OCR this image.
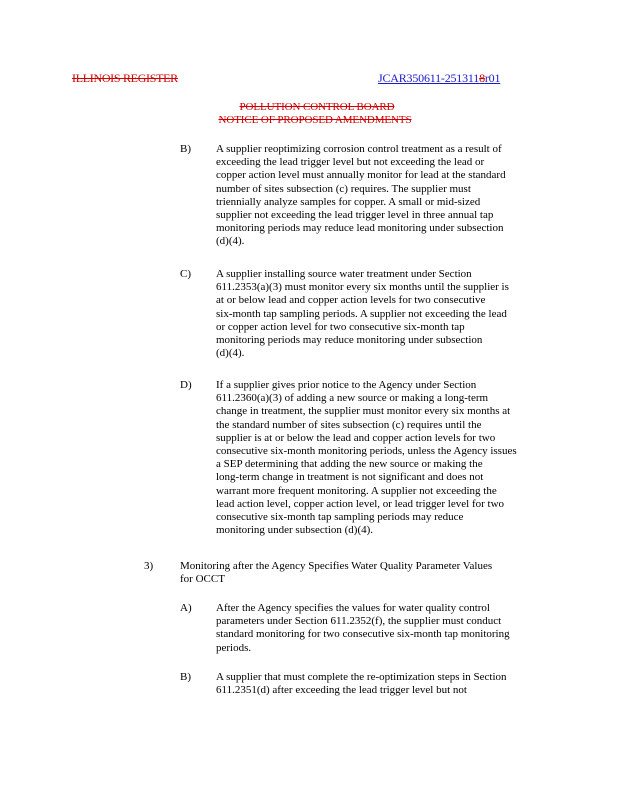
ILLINOIS REGISTER	JCAR350611-2513118r01
POLLUTION CONTROL BOARD
NOTICE OF PROPOSED AMENDMENTS
B) A supplier reoptimizing corrosion control treatment as a result of
exceeding the lead trigger level but not exceeding the lead or
copper action level must annually monitor for lead at the standard
number of sites subsection (c) requires. The supplier must
triennially analyze samples for copper. A small or mid-sized
supplier not exceeding the lead trigger level in three annual tap
monitoring periods may reduce lead monitoring under subsection
(d)(4).
C) A supplier installing source water treatment under Section
611.2353(a)(3) must monitor every six months until the supplier is
at or below lead and copper action levels for two consecutive
six-month tap sampling periods. A supplier not exceeding the lead
or copper action level for two consecutive six-month tap
monitoring periods may reduce monitoring under subsection
(d)(4).
D) If a supplier gives prior notice to the Agency under Section
611.2360(a)(3) of adding a new source or making a long-term
change in treatment, the supplier must monitor every six months at
the standard number of sites subsection (c) requires until the
supplier is at or below the lead and copper action levels for two
consecutive six-month monitoring periods, unless the Agency issues
a SEP determining that adding the new source or making the
long-term change in treatment is not significant and does not
warrant more frequent monitoring. A supplier not exceeding the
lead action level, copper action level, or lead trigger level for two
consecutive six-month tap sampling periods may reduce
monitoring under subsection (d)(4).
3) Monitoring after the Agency Specifies Water Quality Parameter Values
for OCCT
A) After the Agency specifies the values for water quality control
parameters under Section 611.2352(f), the supplier must conduct
standard monitoring for two consecutive six-month tap monitoring
periods.
B) A supplier that must complete the re-optimization steps in Section
611.2351(d) after exceeding the lead trigger level but not
